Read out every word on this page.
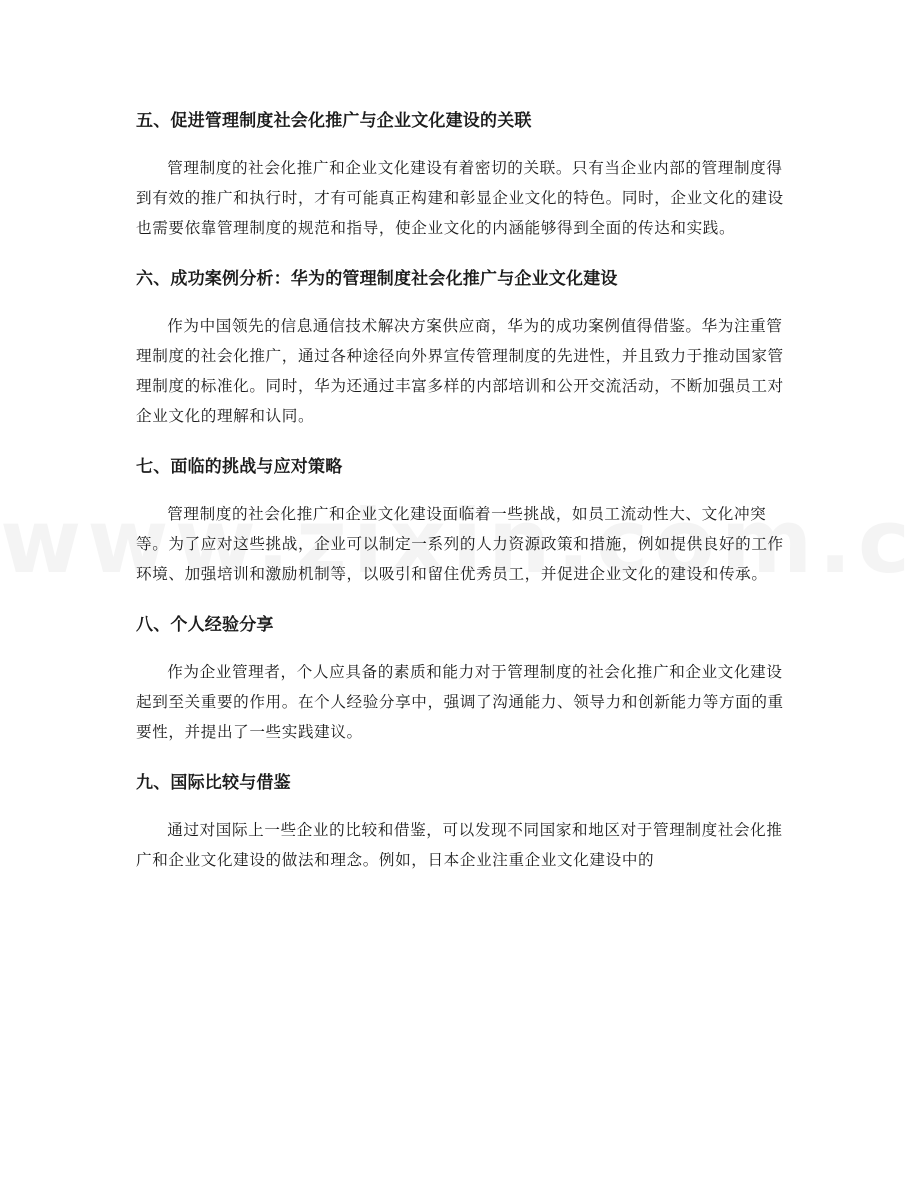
五、促进管理制度社会化推广与企业文化建设的关联

管理制度的社会化推广和企业文化建设有着密切的关联。只有当企业内部的管理制度得到有效的推广和执行时，才有可能真正构建和彰显企业文化的特色。同时，企业文化的建设也需要依靠管理制度的规范和指导，使企业文化的内涵能够得到全面的传达和实践。

六、成功案例分析：华为的管理制度社会化推广与企业文化建设

作为中国领先的信息通信技术解决方案供应商，华为的成功案例值得借鉴。华为注重管理制度的社会化推广，通过各种途径向外界宣传管理制度的先进性，并且致力于推动国家管理制度的标准化。同时，华为还通过丰富多样的内部培训和公开交流活动，不断加强员工对企业文化的理解和认同。

七、面临的挑战与应对策略

管理制度的社会化推广和企业文化建设面临着一些挑战，如员工流动性大、文化冲突等。为了应对这些挑战，企业可以制定一系列的人力资源政策和措施，例如提供良好的工作环境、加强培训和激励机制等，以吸引和留住优秀员工，并促进企业文化的建设和传承。

八、个人经验分享

作为企业管理者，个人应具备的素质和能力对于管理制度的社会化推广和企业文化建设起到至关重要的作用。在个人经验分享中，强调了沟通能力、领导力和创新能力等方面的重要性，并提出了一些实践建议。

九、国际比较与借鉴

通过对国际上一些企业的比较和借鉴，可以发现不同国家和地区对于管理制度社会化推广和企业文化建设的做法和理念。例如，日本企业注重企业文化建设中的
